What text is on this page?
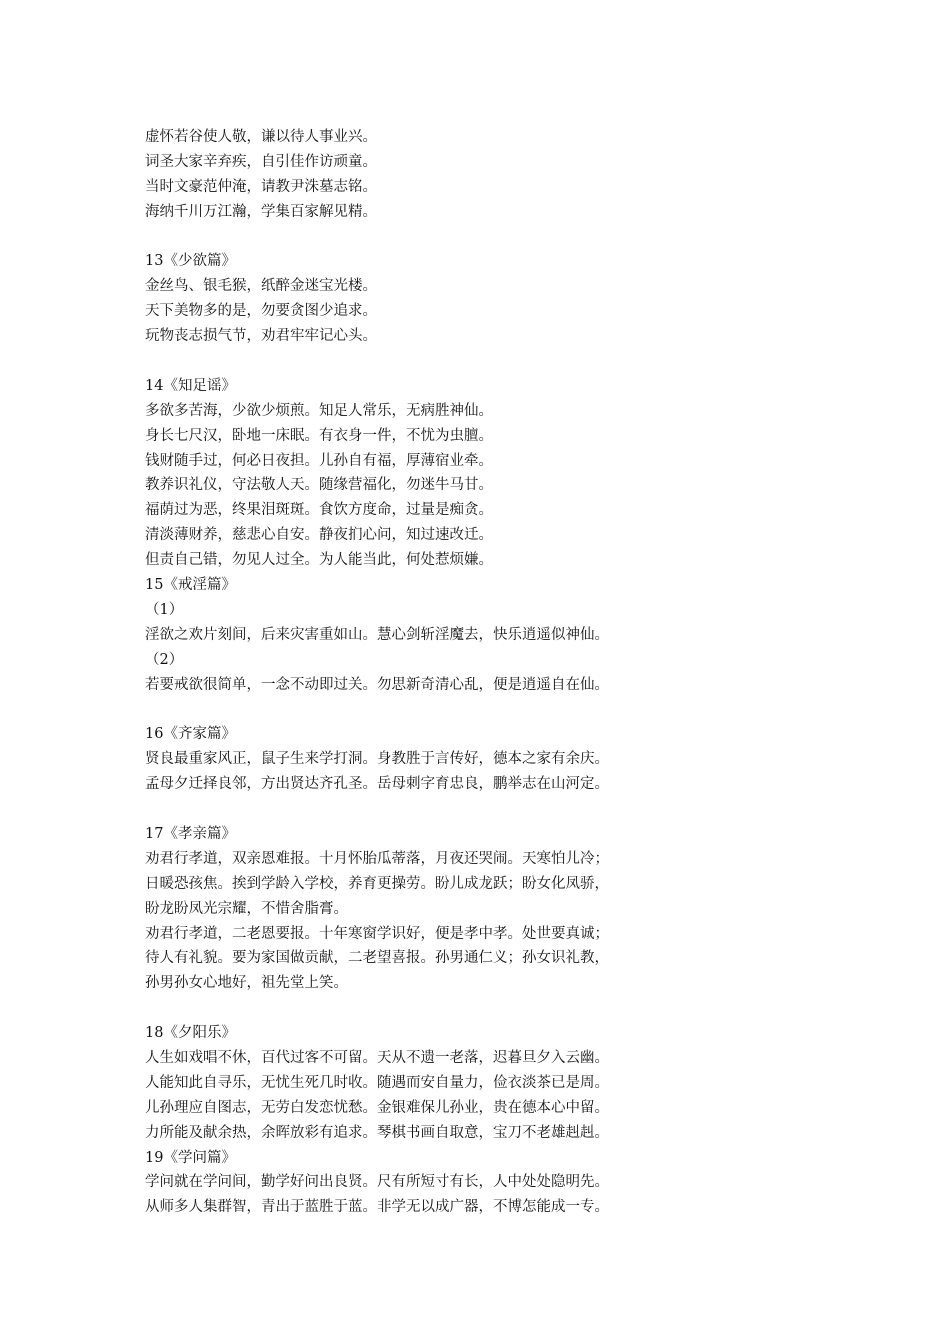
虚怀若谷使人敬，谦以待人事业兴。
词圣大家辛弃疾，自引佳作访顽童。
当时文豪范仲淹，请教尹洙墓志铭。
海纳千川万江瀚，学集百家解见精。
13《少欲篇》
金丝鸟、银毛猴，纸醉金迷宝光楼。
天下美物多的是，勿要贪图少追求。
玩物丧志损气节，劝君牢牢记心头。
14《知足谣》
多欲多苦海，少欲少烦煎。知足人常乐，无病胜神仙。
身长七尺汉，卧地一床眠。有衣身一件，不忧为虫膻。
钱财随手过，何必日夜担。儿孙自有福，厚薄宿业牵。
教养识礼仪，守法敬人天。随缘营福化，勿迷牛马甘。
福荫过为恶，终果泪斑斑。食饮方度命，过量是痴贪。
清淡薄财养，慈悲心自安。静夜扪心问，知过速改迁。
但责自己错，勿见人过全。为人能当此，何处惹烦嫌。
15《戒淫篇》
（1）
淫欲之欢片刻间，后来灾害重如山。慧心剑斩淫魔去，快乐逍遥似神仙。
（2）
若要戒欲很简单，一念不动即过关。勿思新奇清心乱，便是逍遥自在仙。
16《齐家篇》
贤良最重家风正，鼠子生来学打洞。身教胜于言传好，德本之家有余庆。
孟母夕迁择良邻，方出贤达齐孔圣。岳母刺字育忠良，鹏举志在山河定。
17《孝亲篇》
劝君行孝道，双亲恩难报。十月怀胎瓜蒂落，月夜还哭闹。天寒怕儿冷；
日暖恐孩焦。挨到学龄入学校，养育更操劳。盼儿成龙跃；盼女化凤骄，
盼龙盼凤光宗耀，不惜舍脂膏。
劝君行孝道，二老恩要报。十年寒窗学识好，便是孝中孝。处世要真诚；
待人有礼貌。要为家国做贡献，二老望喜报。孙男通仁义；孙女识礼教，
孙男孙女心地好，祖先堂上笑。
18《夕阳乐》
人生如戏唱不休，百代过客不可留。天从不遗一老落，迟暮旦夕入云幽。
人能知此自寻乐，无忧生死几时收。随遇而安自量力，俭衣淡茶已是周。
儿孙理应自图志，无劳白发恋忧愁。金银难保儿孙业，贵在德本心中留。
力所能及献余热，余晖放彩有追求。琴棋书画自取意，宝刀不老雄赳赳。
19《学问篇》
学问就在学问间，勤学好问出良贤。尺有所短寸有长，人中处处隐明先。
从师多人集群智，青出于蓝胜于蓝。非学无以成广器，不博怎能成一专。
